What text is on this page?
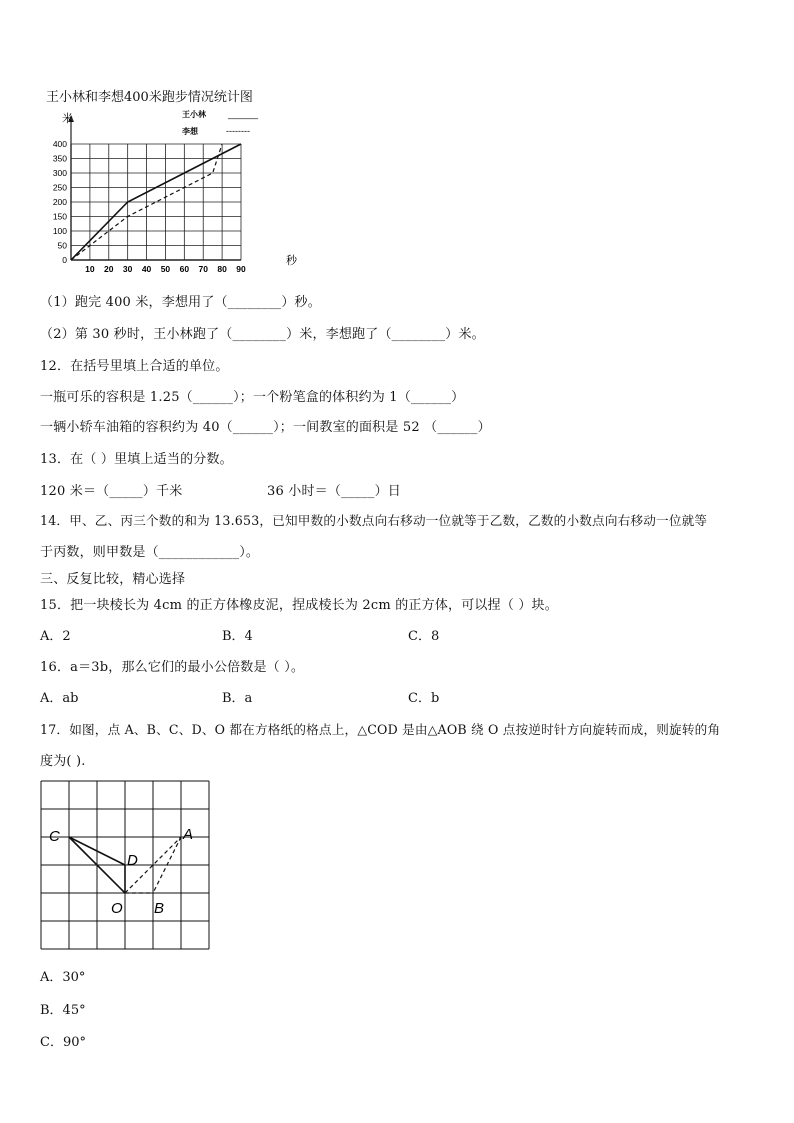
王小林和李想400米跑步情况统计图
0
50
100
150
200
250
300
350
400
10 20 30 40 50 60 70 80 90
米
秒
王小林 ______
李想	--------
（1）跑完 400 米，李想用了（________）秒。
（2）第 30 秒时，王小林跑了（________）米，李想跑了（________）米。
12．在括号里填上合适的单位。
一瓶可乐的容积是 1.25（______）；一个粉笔盒的体积约为 1（______）
一辆小轿车油箱的容积约为 40（______）；一间教室的面积是 52 （______）
13．在（ ）里填上适当的分数。
120 米＝（_____）千米	36 小时＝（_____）日
14．甲、乙、丙三个数的和为 13.653，已知甲数的小数点向右移动一位就等于乙数，乙数的小数点向右移动一位就等
于丙数，则甲数是（____________）。
三、反复比较，精心选择
15．把一块棱长为 4cm 的正方体橡皮泥，捏成棱长为 2cm 的正方体，可以捏（ ）块。
A．2	B．4	C．8
16．a＝3b，那么它们的最小公倍数是（ ）。
A．ab	B．a	C．b
17．如图，点 A、B、C、D、O 都在方格纸的格点上，△COD 是由△AOB 绕 O 点按逆时针方向旋转而成，则旋转的角
度为( ).
C	A
D
O B
A．30°
B．45°
C．90°
